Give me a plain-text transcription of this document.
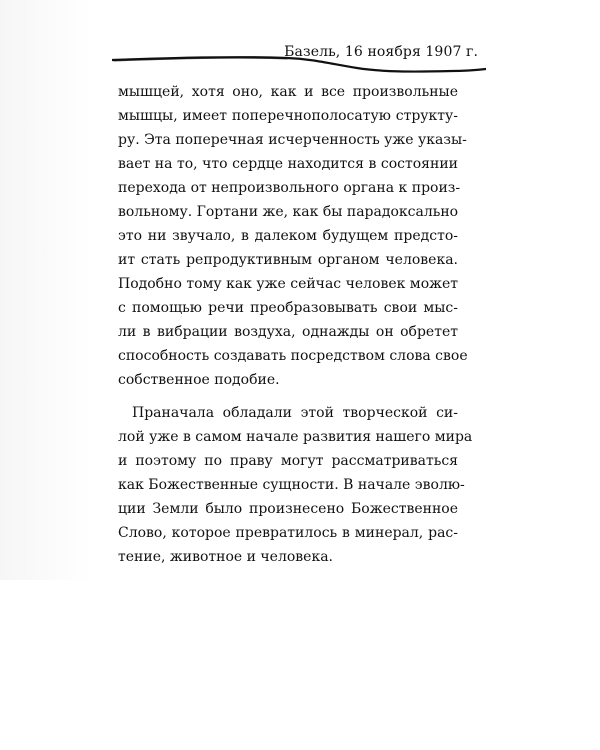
Базель, 16 ноября 1907 г.
мышцей, хотя оно, как и все произвольные
мышцы, имеет поперечнополосатую структу-
ру. Эта поперечная исчерченность уже указы-
вает на то, что сердце находится в состоянии
перехода от непроизвольного органа к произ-
вольному. Гортани же, как бы парадоксально
это ни звучало, в далеком будущем предсто-
ит стать репродуктивным органом человека.
Подобно тому как уже сейчас человек может
с помощью речи преобразовывать свои мыс-
ли в вибрации воздуха, однажды он обретет
способность создавать посредством слова свое
собственное подобие.
Праначала обладали этой творческой си-
лой уже в самом начале развития нашего мира
и поэтому по праву могут рассматриваться
как Божественные сущности. В начале эволю-
ции Земли было произнесено Божественное
Слово, которое превратилось в минерал, рас-
тение, животное и человека.
